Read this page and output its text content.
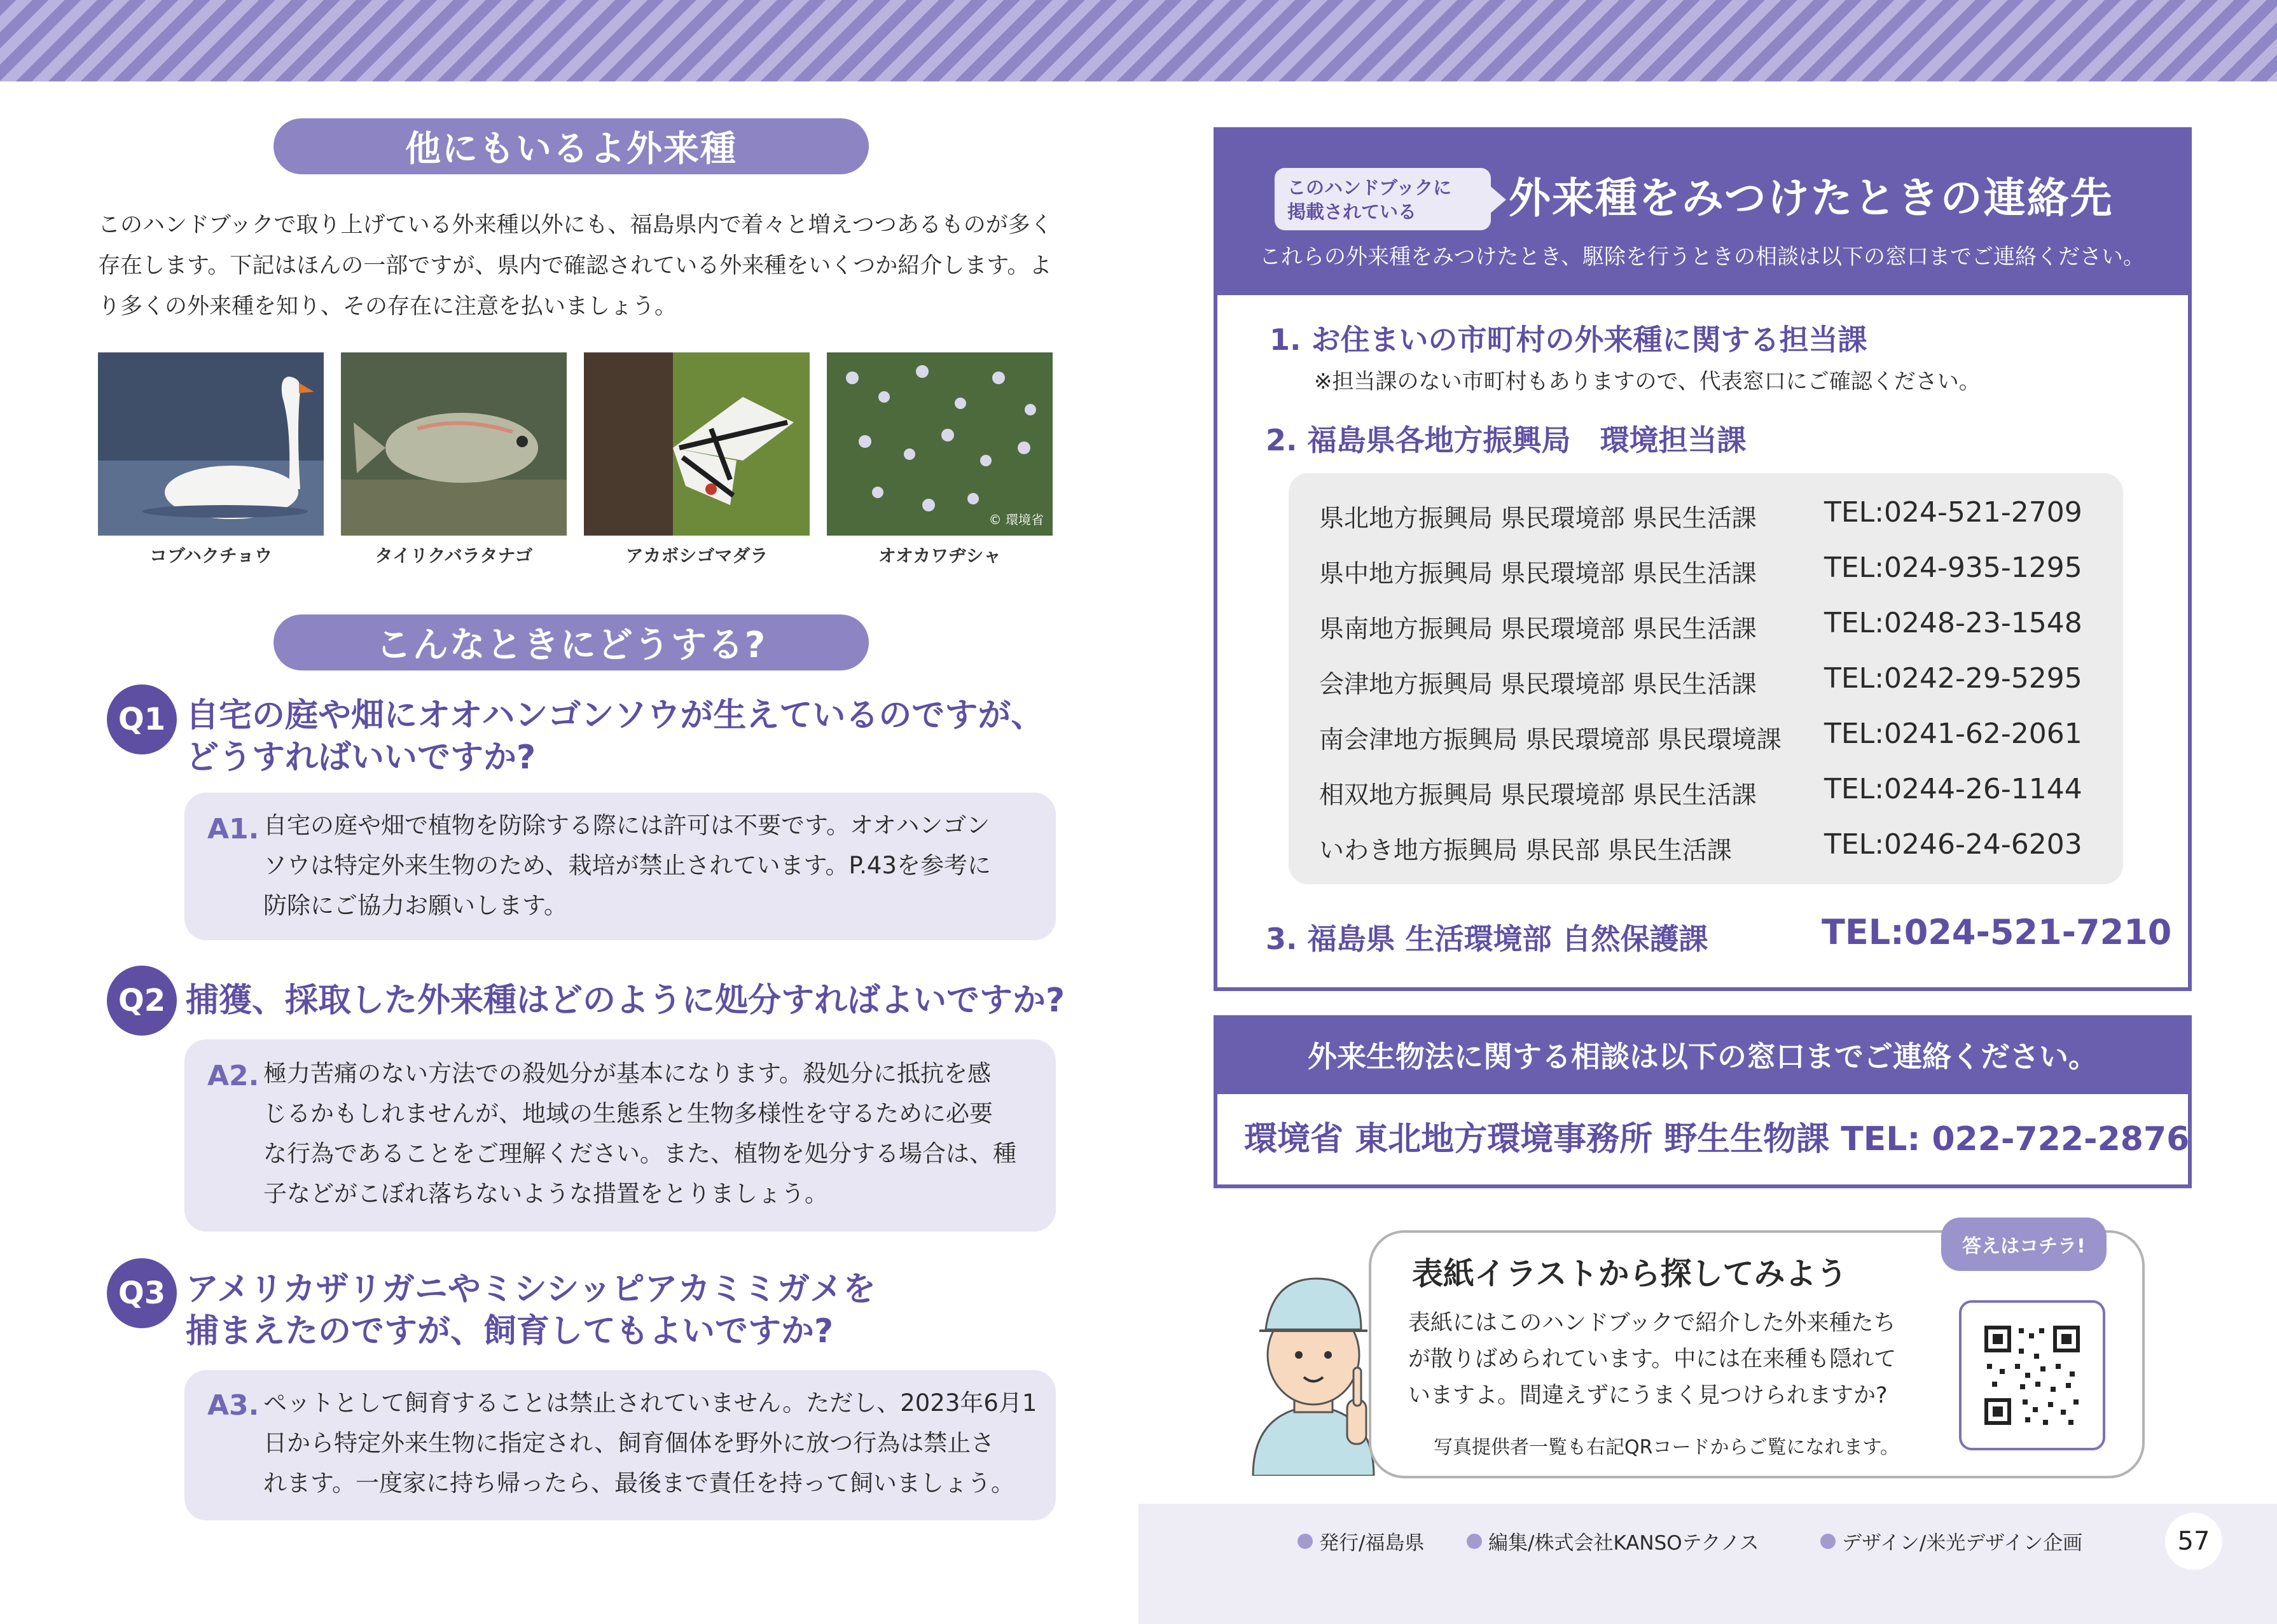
他にもいるよ外来種
このハンドブックで取り上げている外来種以外にも、福島県内で着々と増えつつあるものが多く存在します。下記はほんの一部ですが、県内で確認されている外来種をいくつか紹介します。より多くの外来種を知り、その存在に注意を払いましょう。
© 環境省
コブハクチョウ	タイリクバラタナゴ	アカボシゴマダラ	オオカワヂシャ
こんなときにどうする?
Q1 自宅の庭や畑にオオハンゴンソウが生えているのですが、
どうすればいいですか?
A1. 自宅の庭や畑で植物を防除する際には許可は不要です。オオハンゴン
ソウは特定外来生物のため、栽培が禁止されています。P.43を参考に
防除にご協力お願いします。
Q2 捕獲、採取した外来種はどのように処分すればよいですか?
A2. 極力苦痛のない方法での殺処分が基本になります。殺処分に抵抗を感
じるかもしれませんが、地域の生態系と生物多様性を守るために必要
な行為であることをご理解ください。また、植物を処分する場合は、種
子などがこぼれ落ちないような措置をとりましょう。
Q3 アメリカザリガニやミシシッピアカミミガメを
捕まえたのですが、飼育してもよいですか?
A3. ペットとして飼育することは禁止されていません。ただし、2023年6月1
日から特定外来生物に指定され、飼育個体を野外に放つ行為は禁止さ
れます。一度家に持ち帰ったら、最後まで責任を持って飼いましょう。
このハンドブックに
掲載されている	外来種をみつけたときの連絡先
これらの外来種をみつけたとき、駆除を行うときの相談は以下の窓口までご連絡ください。
1. お住まいの市町村の外来種に関する担当課
※担当課のない市町村もありますので、代表窓口にご確認ください。
2. 福島県各地方振興局　環境担当課
県北地方振興局 県民環境部 県民生活課 TEL:024-521-2709
県中地方振興局 県民環境部 県民生活課 TEL:024-935-1295
県南地方振興局 県民環境部 県民生活課 TEL:0248-23-1548
会津地方振興局 県民環境部 県民生活課 TEL:0242-29-5295
南会津地方振興局 県民環境部 県民環境課 TEL:0241-62-2061
相双地方振興局 県民環境部 県民生活課 TEL:0244-26-1144
いわき地方振興局 県民部 県民生活課	TEL:0246-24-6203
3. 福島県 生活環境部 自然保護課	TEL:024-521-7210
外来生物法に関する相談は以下の窓口までご連絡ください。
環境省 東北地方環境事務所 野生生物課 TEL: 022-722-2876
表紙イラストから探してみよう
表紙にはこのハンドブックで紹介した外来種たち
が散りばめられています。中には在来種も隠れて
いますよ。間違えずにうまく見つけられますか?
写真提供者一覧も右記QRコードからご覧になれます。
答えはコチラ!
発行/福島県	編集/株式会社KANSOテクノス	デザイン/米光デザイン企画	57
